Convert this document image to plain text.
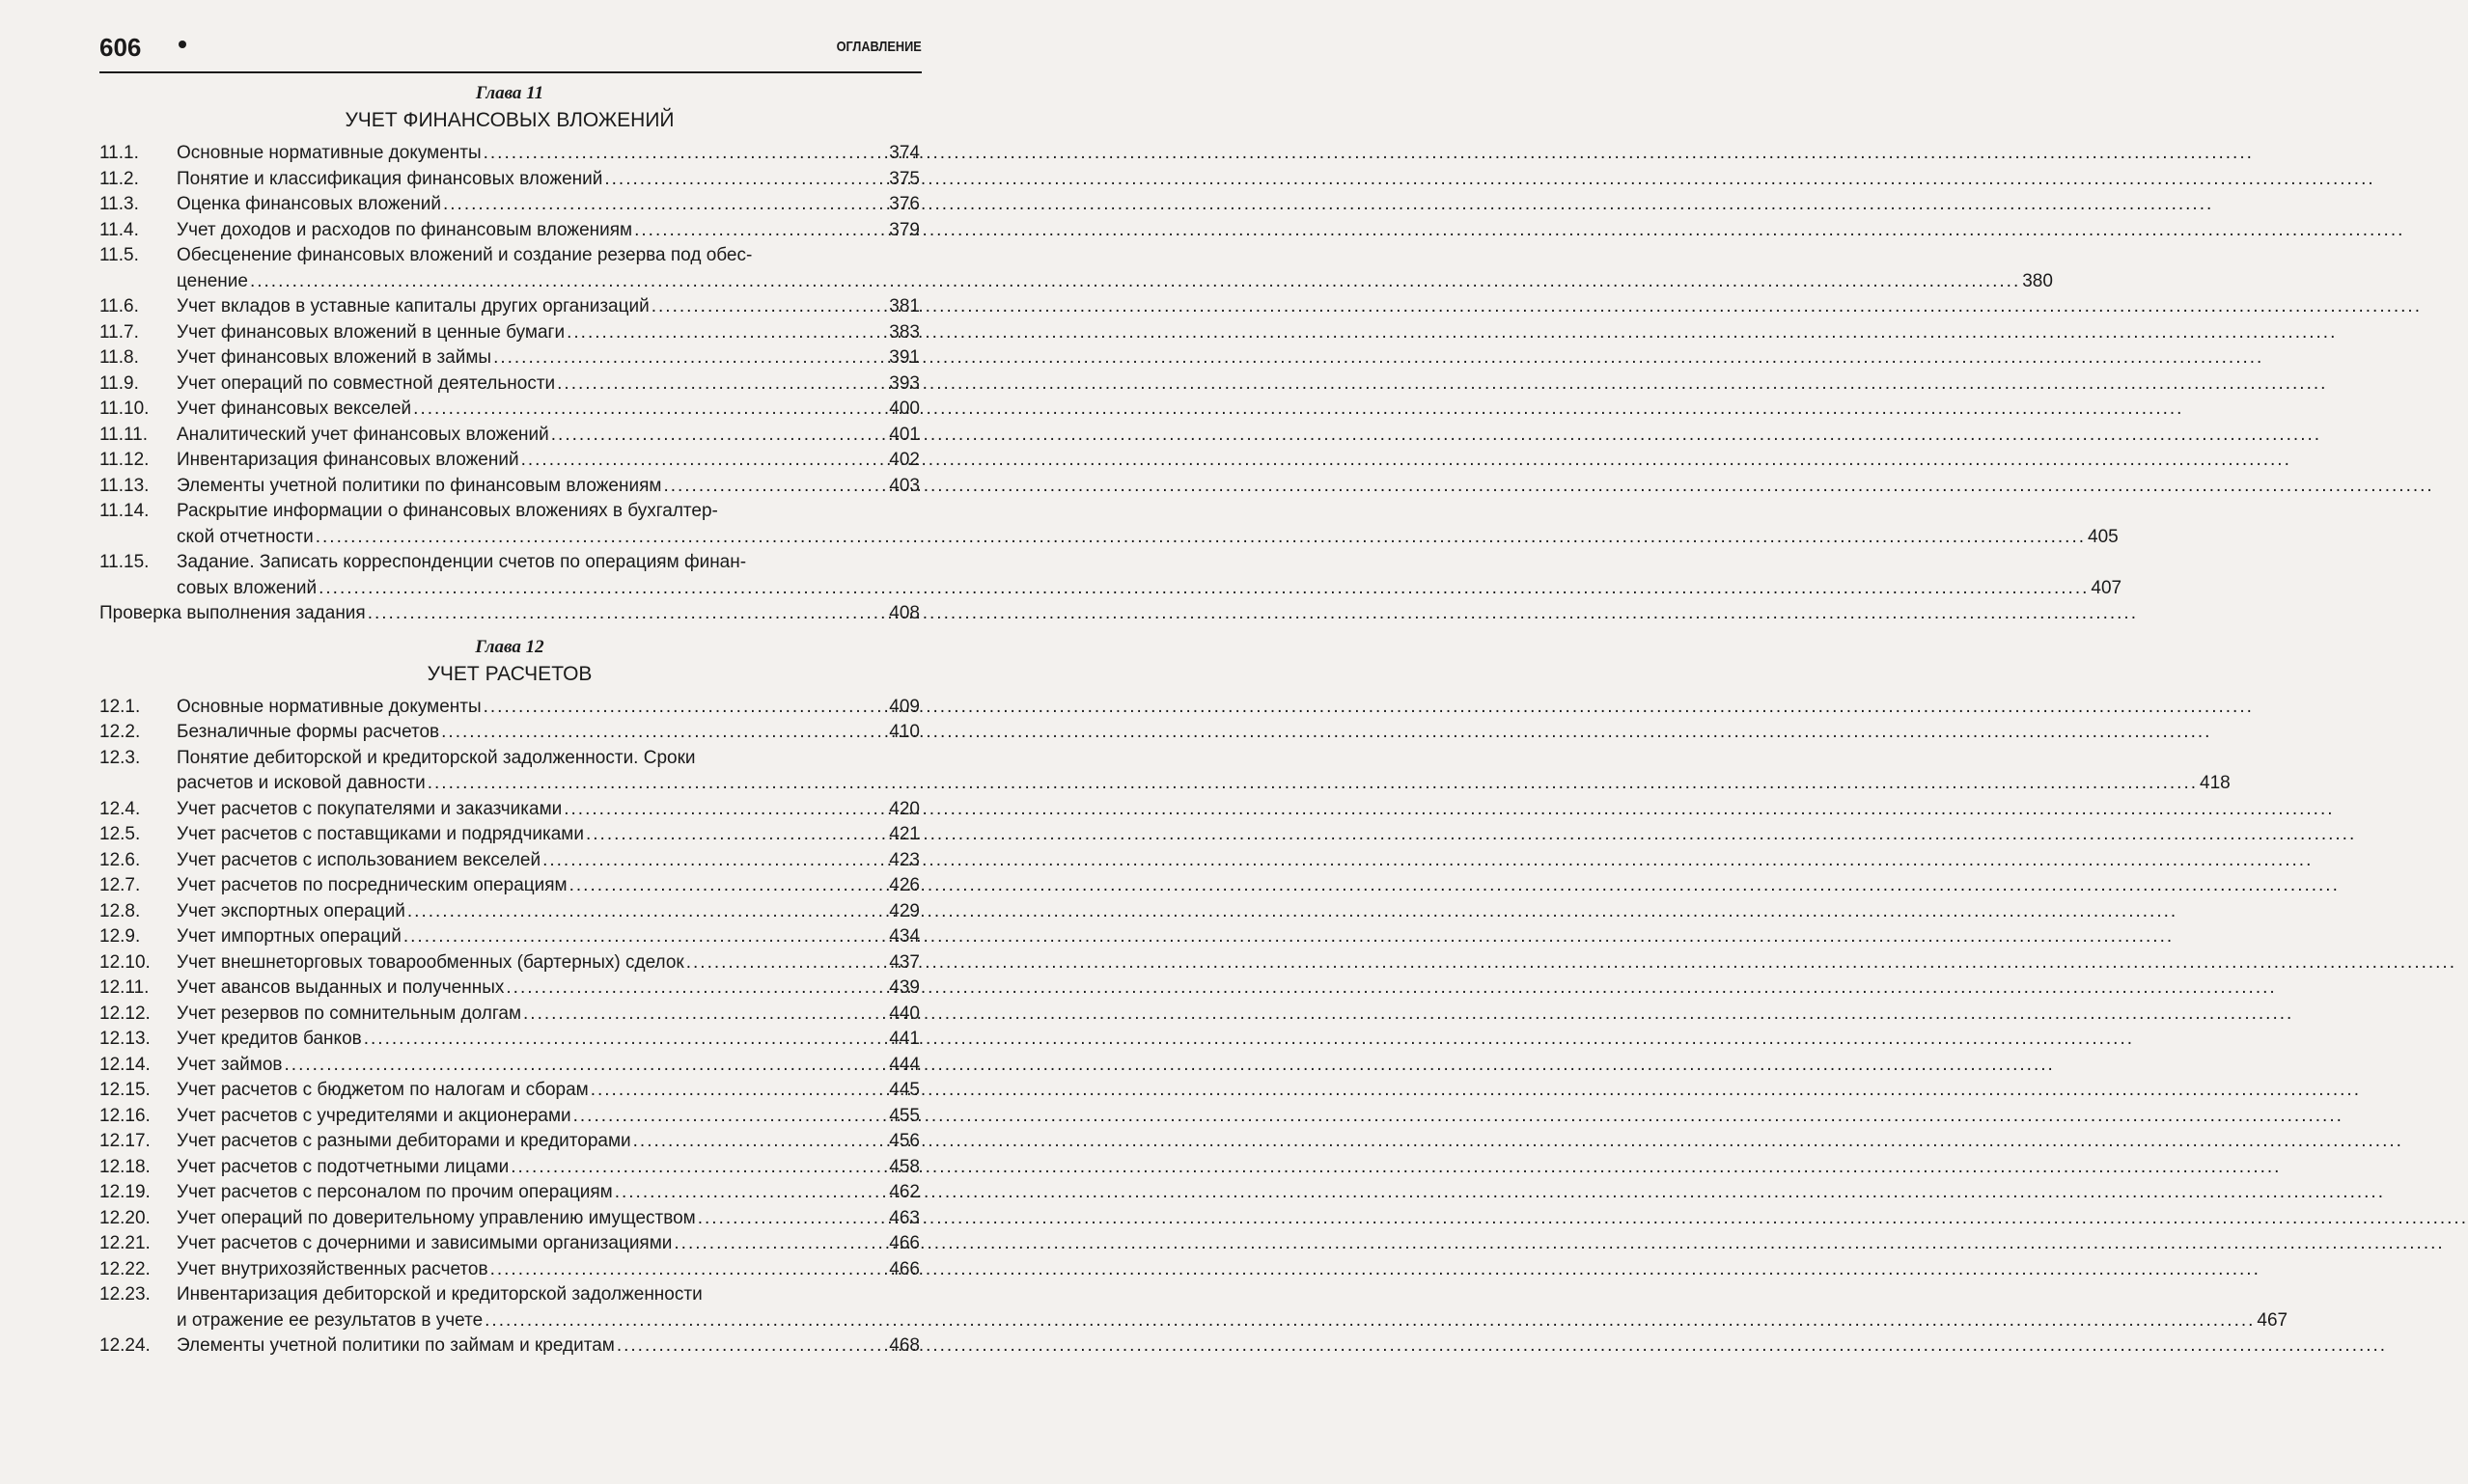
606	ОГЛАВЛЕНИЕ
Глава 11
УЧЕТ ФИНАНСОВЫХ ВЛОЖЕНИЙ
11.1.	Основные нормативные документы .....	374
11.2.	Понятие и классификация финансовых вложений .....	375
11.3.	Оценка финансовых вложений .....	376
11.4.	Учет доходов и расходов по финансовым вложениям .....	379
11.5.	Обесценение финансовых вложений и создание резерва под обес-
ценение .....	380
11.6.	Учет вкладов в уставные капиталы других организаций .....	381
11.7.	Учет финансовых вложений в ценные бумаги .....	383
11.8.	Учет финансовых вложений в займы .....	391
11.9.	Учет операций по совместной деятельности .....	393
11.10.	Учет финансовых векселей .....	400
11.11.	Аналитический учет финансовых вложений .....	401
11.12.	Инвентаризация финансовых вложений .....	402
11.13.	Элементы учетной политики по финансовым вложениям .....	403
11.14.	Раскрытие информации о финансовых вложениях в бухгалтер-
ской отчетности .....	405
11.15.	Задание. Записать корреспонденции счетов по операциям финан-
совых вложений .....	407
Проверка выполнения задания .....	408
Глава 12
УЧЕТ РАСЧЕТОВ
12.1.	Основные нормативные документы .....	409
12.2.	Безналичные формы расчетов .....	410
12.3.	Понятие дебиторской и кредиторской задолженности. Сроки
расчетов и исковой давности .....	418
12.4.	Учет расчетов с покупателями и заказчиками .....	420
12.5.	Учет расчетов с поставщиками и подрядчиками .....	421
12.6.	Учет расчетов с использованием векселей .....	423
12.7.	Учет расчетов по посредническим операциям .....	426
12.8.	Учет экспортных операций .....	429
12.9.	Учет импортных операций .....	434
12.10.	Учет внешнеторговых товарообменных (бартерных) сделок .....	437
12.11.	Учет авансов выданных и полученных .....	439
12.12.	Учет резервов по сомнительным долгам .....	440
12.13.	Учет кредитов банков .....	441
12.14.	Учет займов .....	444
12.15.	Учет расчетов с бюджетом по налогам и сборам .....	445
12.16.	Учет расчетов с учредителями и акционерами .....	455
12.17.	Учет расчетов с разными дебиторами и кредиторами .....	456
12.18.	Учет расчетов с подотчетными лицами .....	458
12.19.	Учет расчетов с персоналом по прочим операциям .....	462
12.20.	Учет операций по доверительному управлению имуществом .....	463
12.21.	Учет расчетов с дочерними и зависимыми организациями .....	466
12.22.	Учет внутрихозяйственных расчетов .....	466
12.23.	Инвентаризация дебиторской и кредиторской задолженности
и отражение ее результатов в учете .....	467
12.24.	Элементы учетной политики по займам и кредитам .....	468
